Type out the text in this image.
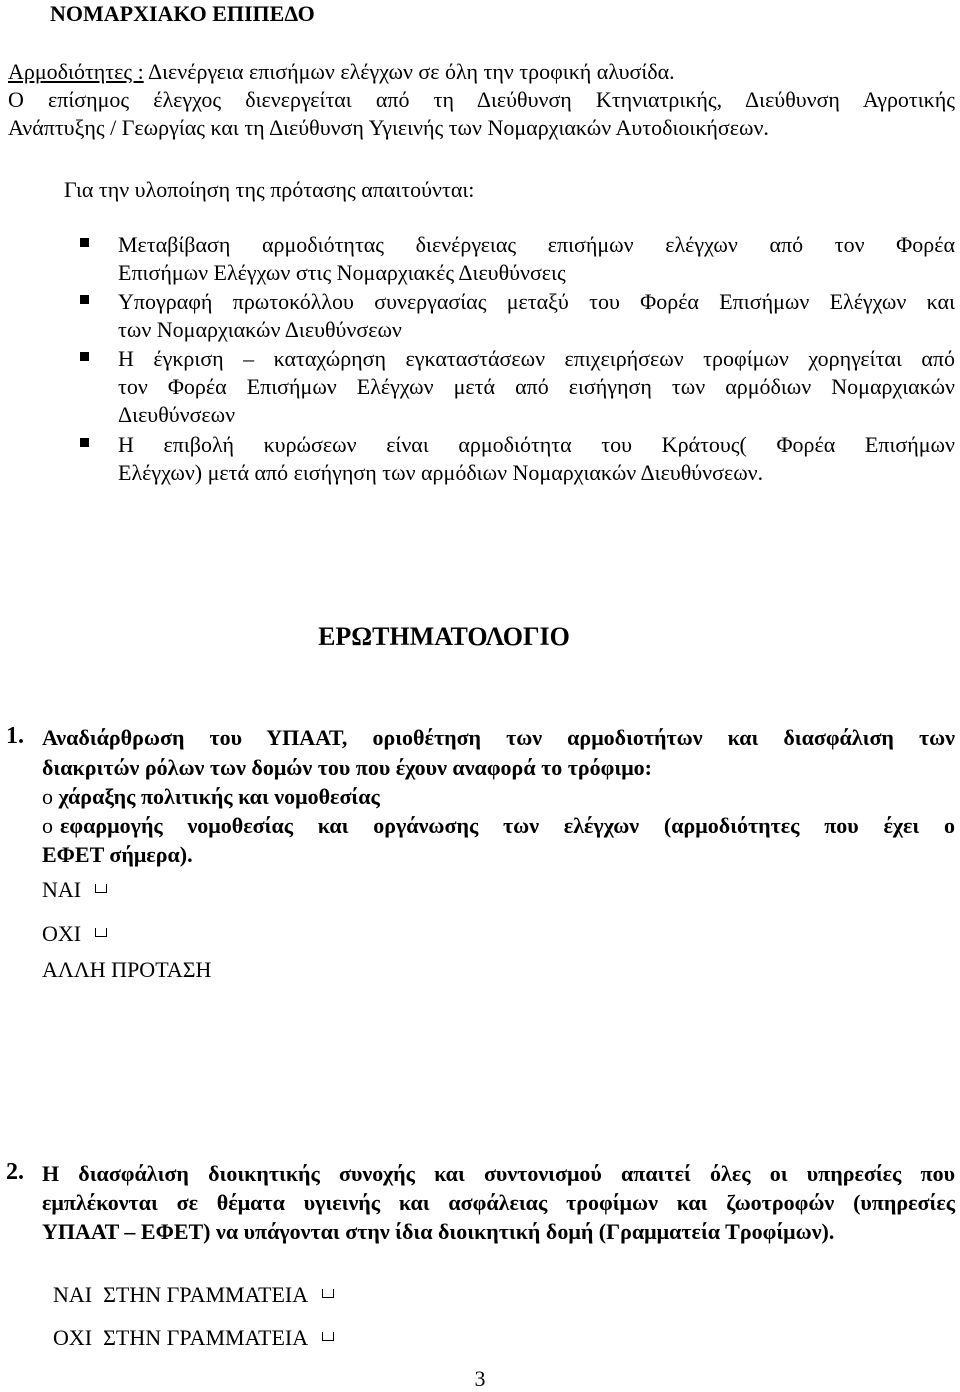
ΝΟΜΑΡΧΙΑΚΟ ΕΠΙΠΕΔΟ
Αρμοδιότητες : Διενέργεια επισήμων ελέγχων σε όλη την τροφική αλυσίδα.
Ο επίσημος έλεγχος διενεργείται από τη Διεύθυνση Κτηνιατρικής, Διεύθυνση Αγροτικής
Ανάπτυξης / Γεωργίας και τη Διεύθυνση Υγιεινής των Νομαρχιακών Αυτοδιοικήσεων.
Για την υλοποίηση της πρότασης απαιτούνται:
Μεταβίβαση αρμοδιότητας διενέργειας επισήμων ελέγχων από τον Φορέα
Επισήμων Ελέγχων στις Νομαρχιακές Διευθύνσεις
Υπογραφή πρωτοκόλλου συνεργασίας μεταξύ του Φορέα Επισήμων Ελέγχων και
των Νομαρχιακών Διευθύνσεων
Η έγκριση – καταχώρηση εγκαταστάσεων επιχειρήσεων τροφίμων χορηγείται από
τον Φορέα Επισήμων Ελέγχων μετά από εισήγηση των αρμόδιων Νομαρχιακών
Διευθύνσεων
Η επιβολή κυρώσεων είναι αρμοδιότητα του Κράτους( Φορέα Επισήμων
Ελέγχων) μετά από εισήγηση των αρμόδιων Νομαρχιακών Διευθύνσεων.
ΕΡΩΤΗΜΑΤΟΛΟΓΙΟ
1. Αναδιάρθρωση του ΥΠΑΑΤ, οριοθέτηση των αρμοδιοτήτων και διασφάλιση των
διακριτών ρόλων των δομών του που έχουν αναφορά το τρόφιμο:
o χάραξης πολιτικής και νομοθεσίας
o εφαρμογής νομοθεσίας και οργάνωσης των ελέγχων (αρμοδιότητες που έχει ο
ΕΦΕΤ σήμερα).
ΝΑΙ
ΟΧΙ
ΑΛΛΗ ΠΡΟΤΑΣΗ
2. Η διασφάλιση διοικητικής συνοχής και συντονισμού απαιτεί όλες οι υπηρεσίες που
εμπλέκονται σε θέματα υγιεινής και ασφάλειας τροφίμων και ζωοτροφών (υπηρεσίες
ΥΠΑΑΤ – ΕΦΕΤ) να υπάγονται στην ίδια διοικητική δομή (Γραμματεία Τροφίμων).

ΝΑΙ  ΣΤΗΝ ΓΡΑΜΜΑΤΕΙΑ

ΟΧΙ  ΣΤΗΝ ΓΡΑΜΜΑΤΕΙΑ

3
